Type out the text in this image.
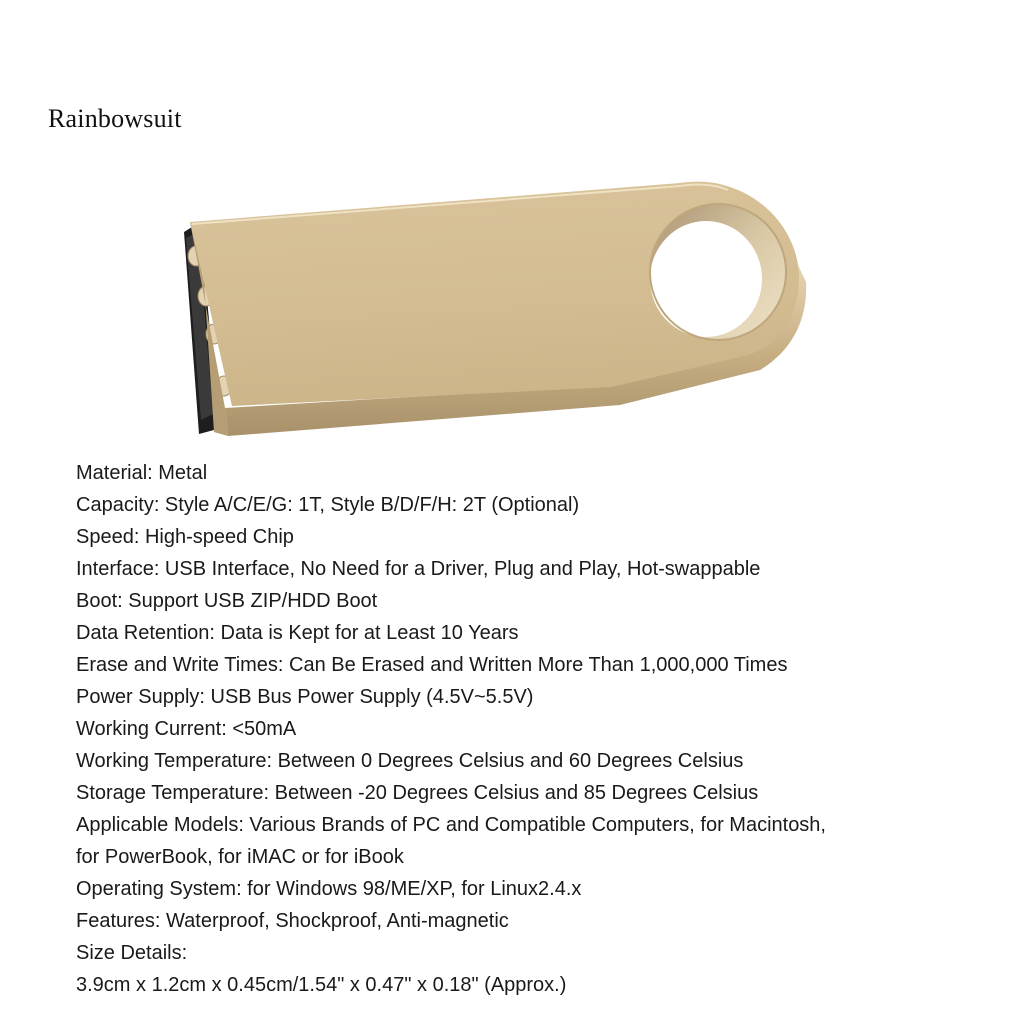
Rainbowsuit
Material: Metal
Capacity: Style A/C/E/G: 1T, Style B/D/F/H: 2T (Optional)
Speed: High-speed Chip
Interface: USB Interface, No Need for a Driver, Plug and Play, Hot-swappable
Boot: Support USB ZIP/HDD Boot
Data Retention: Data is Kept for at Least 10 Years
Erase and Write Times: Can Be Erased and Written More Than 1,000,000 Times
Power Supply: USB Bus Power Supply (4.5V~5.5V)
Working Current: <50mA
Working Temperature: Between 0 Degrees Celsius and 60 Degrees Celsius
Storage Temperature: Between -20 Degrees Celsius and 85 Degrees Celsius
Applicable Models: Various Brands of PC and Compatible Computers, for Macintosh,
for PowerBook, for iMAC or for iBook
Operating System: for Windows 98/ME/XP, for Linux2.4.x
Features: Waterproof, Shockproof, Anti-magnetic
Size Details:
3.9cm x 1.2cm x 0.45cm/1.54" x 0.47" x 0.18" (Approx.)
